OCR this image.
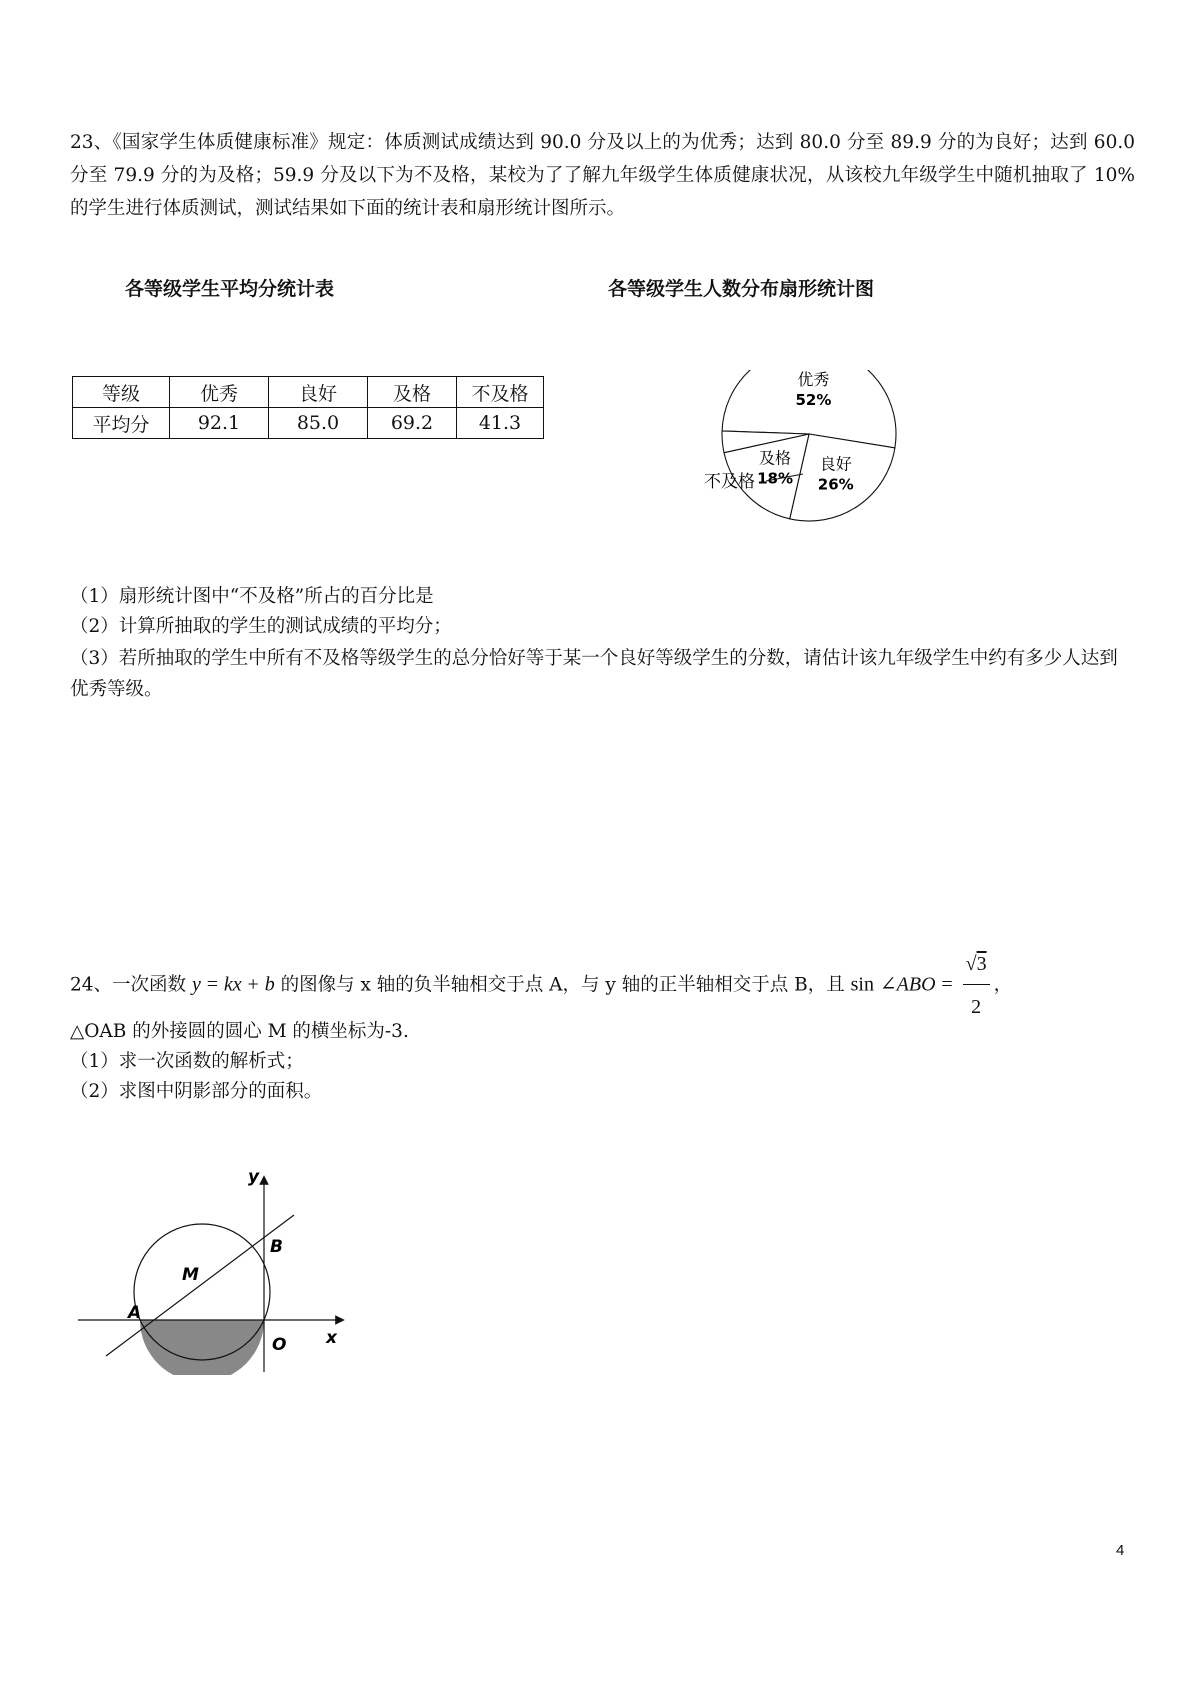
23、《国家学生体质健康标准》规定：体质测试成绩达到 90.0 分及以上的为优秀；达到 80.0 分至 89.9 分的为良好；达到 60.0 分至 79.9 分的为及格；59.9 分及以下为不及格，某校为了了解九年级学生体质健康状况，从该校九年级学生中随机抽取了 10%的学生进行体质测试，测试结果如下面的统计表和扇形统计图所示。
各等级学生平均分统计表	各等级学生人数分布扇形统计图
等级	优秀	良好	及格	不及格
平均分	92.1	85.0	69.2	41.3
优秀
52%
良好
26%
及格
18%
不及格
（1）扇形统计图中“不及格”所占的百分比是
（2）计算所抽取的学生的测试成绩的平均分；
（3）若所抽取的学生中所有不及格等级学生的总分恰好等于某一个良好等级学生的分数，请估计该九年级学生中约有多少人达到优秀等级。
24、一次函数 y = kx + b 的图像与 x 轴的负半轴相交于点 A，与 y 轴的正半轴相交于点 B，且 sin ∠ABO = $\frac{√3}{2}$ ，
△OAB 的外接圆的圆心 M 的横坐标为-3.
（1）求一次函数的解析式；
（2）求图中阴影部分的面积。
y
x
B
M
A
O
4
